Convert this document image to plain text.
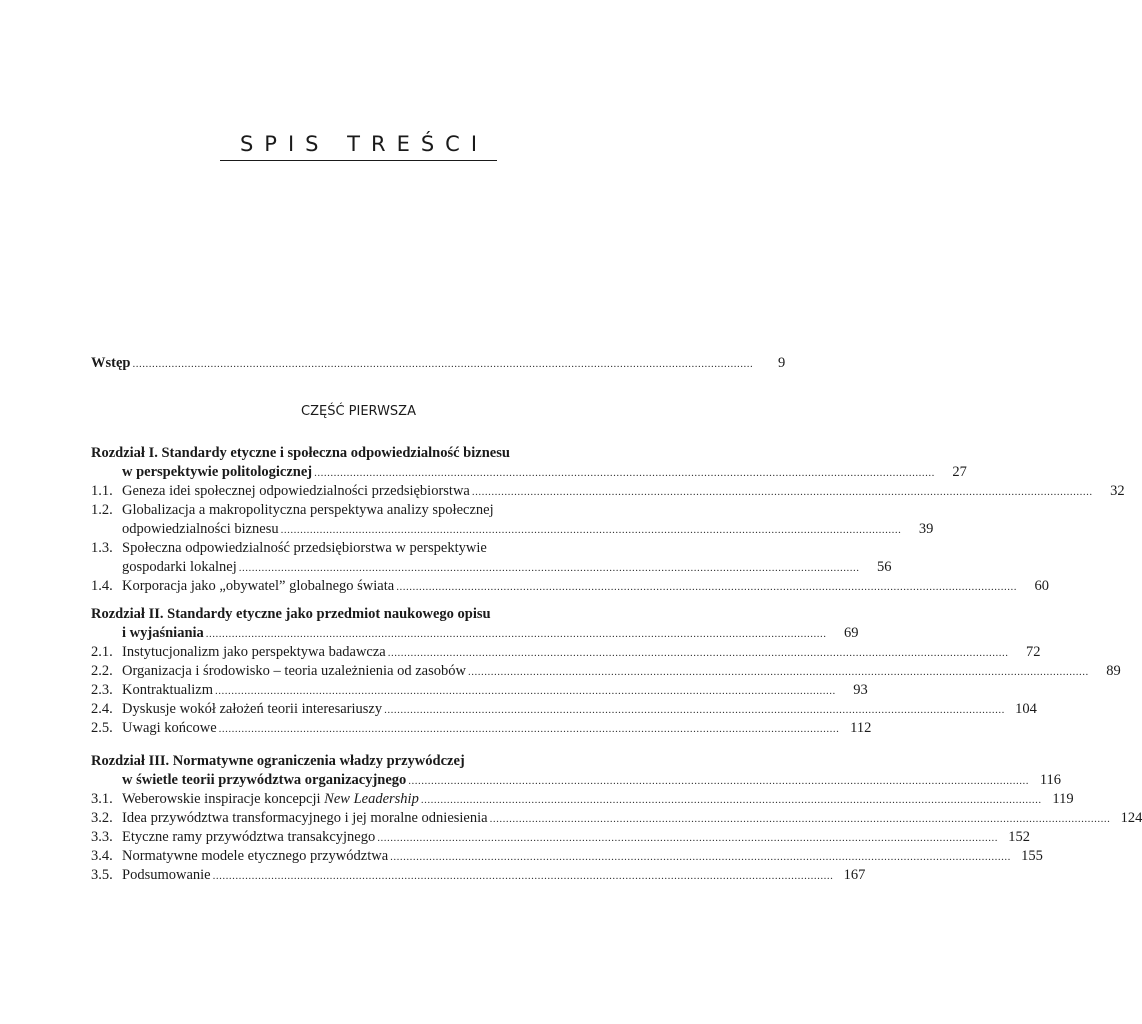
SPIS TREŚCI
Wstęp ...............................................................................................................................................................................................	9
CZĘŚĆ PIERWSZA
Rozdział I. Standardy etyczne i społeczna odpowiedzialność biznesu
w perspektywie politologicznej ...............................................................................................................................................................................................	27
1.1. Geneza idei społecznej odpowiedzialności przedsiębiorstwa ...............................................................................................................................................................................................	32
1.2. Globalizacja a makropolityczna perspektywa analizy społecznej
odpowiedzialności biznesu ...............................................................................................................................................................................................	39
1.3. Społeczna odpowiedzialność przedsiębiorstwa w perspektywie
gospodarki lokalnej ...............................................................................................................................................................................................	56
1.4. Korporacja jako „obywatel” globalnego świata ...............................................................................................................................................................................................	60
Rozdział II. Standardy etyczne jako przedmiot naukowego opisu
i wyjaśniania ...............................................................................................................................................................................................	69
2.1. Instytucjonalizm jako perspektywa badawcza ...............................................................................................................................................................................................	72
2.2. Organizacja i środowisko – teoria uzależnienia od zasobów ...............................................................................................................................................................................................	89
2.3. Kontraktualizm ...............................................................................................................................................................................................	93
2.4. Dyskusje wokół założeń teorii interesariuszy ............................................................................................................................................................................................... 104
2.5. Uwagi końcowe ............................................................................................................................................................................................... 112
Rozdział III. Normatywne ograniczenia władzy przywódczej
w świetle teorii przywództwa organizacyjnego ............................................................................................................................................................................................... 116
3.1. Weberowskie inspiracje koncepcji New Leadership ............................................................................................................................................................................................... 119
3.2. Idea przywództwa transformacyjnego i jej moralne odniesienia ............................................................................................................................................................................................... 124
3.3. Etyczne ramy przywództwa transakcyjnego ............................................................................................................................................................................................... 152
3.4. Normatywne modele etycznego przywództwa ............................................................................................................................................................................................... 155
3.5. Podsumowanie ............................................................................................................................................................................................... 167
